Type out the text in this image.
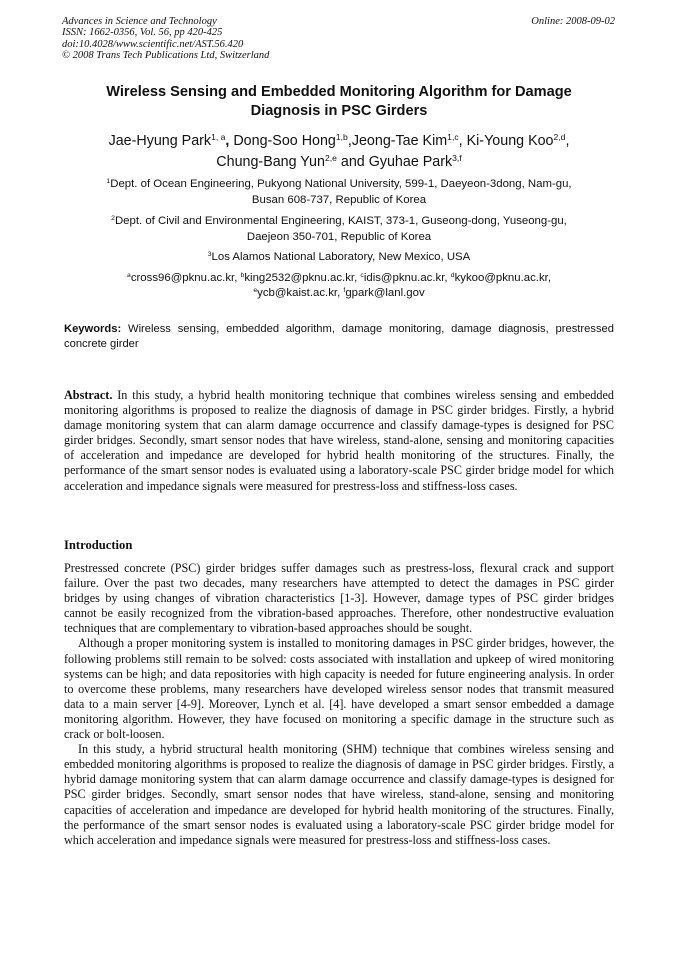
Advances in Science and Technology
ISSN: 1662-0356, Vol. 56, pp 420-425
doi:10.4028/www.scientific.net/AST.56.420
© 2008 Trans Tech Publications Ltd, Switzerland
Online: 2008-09-02
Wireless Sensing and Embedded Monitoring Algorithm for Damage
Diagnosis in PSC Girders
Jae-Hyung Park$^{1, a}$, Dong-Soo Hong$^{1,b}$,Jeong-Tae Kim$^{1,c}$, Ki-Young Koo$^{2,d}$,
Chung-Bang Yun$^{2,e}$ and Gyuhae Park$^{3,f}$
$^1$Dept. of Ocean Engineering, Pukyong National University, 599-1, Daeyeon-3dong, Nam-gu,
Busan 608-737, Republic of Korea
$^2$Dept. of Civil and Environmental Engineering, KAIST, 373-1, Guseong-dong, Yuseong-gu,
Daejeon 350-701, Republic of Korea
$^3$Los Alamos National Laboratory, New Mexico, USA
$^a$cross96@pknu.ac.kr, $^b$king2532@pknu.ac.kr, $^c$idis@pknu.ac.kr, $^d$kykoo@pknu.ac.kr,
$^e$ycb@kaist.ac.kr, $^f$gpark@lanl.gov
Keywords: Wireless sensing, embedded algorithm, damage monitoring, damage diagnosis, prestressed concrete girder

Abstract. In this study, a hybrid health monitoring technique that combines wireless sensing and embedded monitoring algorithms is proposed to realize the diagnosis of damage in PSC girder bridges. Firstly, a hybrid damage monitoring system that can alarm damage occurrence and classify damage-types is designed for PSC girder bridges. Secondly, smart sensor nodes that have wireless, stand-alone, sensing and monitoring capacities of acceleration and impedance are developed for hybrid health monitoring of the structures. Finally, the performance of the smart sensor nodes is evaluated using a laboratory-scale PSC girder bridge model for which acceleration and impedance signals were measured for prestress-loss and stiffness-loss cases.

Introduction

Prestressed concrete (PSC) girder bridges suffer damages such as prestress-loss, flexural crack and support failure. Over the past two decades, many researchers have attempted to detect the damages in PSC girder bridges by using changes of vibration characteristics [1-3]. However, damage types of PSC girder bridges cannot be easily recognized from the vibration-based approaches. Therefore, other nondestructive evaluation techniques that are complementary to vibration-based approaches should be sought.

Although a proper monitoring system is installed to monitoring damages in PSC girder bridges, however, the following problems still remain to be solved: costs associated with installation and upkeep of wired monitoring systems can be high; and data repositories with high capacity is needed for future engineering analysis. In order to overcome these problems, many researchers have developed wireless sensor nodes that transmit measured data to a main server [4-9]. Moreover, Lynch et al. [4]. have developed a smart sensor embedded a damage monitoring algorithm. However, they have focused on monitoring a specific damage in the structure such as crack or bolt-loosen.

In this study, a hybrid structural health monitoring (SHM) technique that combines wireless sensing and embedded monitoring algorithms is proposed to realize the diagnosis of damage in PSC girder bridges. Firstly, a hybrid damage monitoring system that can alarm damage occurrence and classify damage-types is designed for PSC girder bridges. Secondly, smart sensor nodes that have wireless, stand-alone, sensing and monitoring capacities of acceleration and impedance are developed for hybrid health monitoring of the structures. Finally, the performance of the smart sensor nodes is evaluated using a laboratory-scale PSC girder bridge model for which acceleration and impedance signals were measured for prestress-loss and stiffness-loss cases.
